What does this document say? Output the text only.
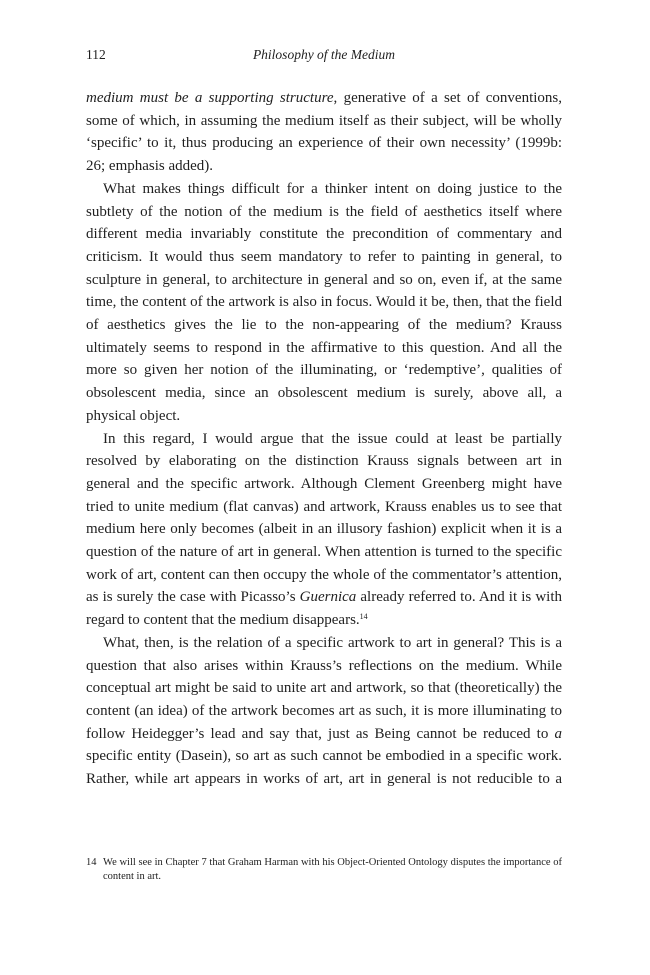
112	Philosophy of the Medium

medium must be a supporting structure, generative of a set of conventions, some of which, in assuming the medium itself as their subject, will be wholly ‘specific’ to it, thus producing an experience of their own necessity’ (1999b: 26; emphasis added).

What makes things difficult for a thinker intent on doing justice to the subtlety of the notion of the medium is the field of aesthetics itself where different media invariably constitute the precondition of commentary and criticism. It would thus seem mandatory to refer to painting in general, to sculpture in general, to architecture in general and so on, even if, at the same time, the content of the artwork is also in focus. Would it be, then, that the field of aesthetics gives the lie to the non-appearing of the medium? Krauss ultimately seems to respond in the affirmative to this question. And all the more so given her notion of the illuminating, or ‘redemptive’, qualities of obsolescent media, since an obsolescent medium is surely, above all, a physical object.

In this regard, I would argue that the issue could at least be partially resolved by elaborating on the distinction Krauss signals between art in general and the specific artwork. Although Clement Greenberg might have tried to unite medium (flat canvas) and artwork, Krauss enables us to see that medium here only becomes (albeit in an illusory fashion) explicit when it is a question of the nature of art in general. When attention is turned to the specific work of art, content can then occupy the whole of the commentator’s attention, as is surely the case with Picasso’s Guernica already referred to. And it is with regard to content that the medium disappears.$^{14}$

What, then, is the relation of a specific artwork to art in general? This is a question that also arises within Krauss’s reflections on the medium. While conceptual art might be said to unite art and artwork, so that (theoretically) the content (an idea) of the artwork becomes art as such, it is more illuminating to follow Heidegger’s lead and say that, just as Being cannot be reduced to a specific entity (Dasein), so art as such cannot be embodied in a specific work. Rather, while art appears in works of art, art in general is not reducible to a

14 We will see in Chapter 7 that Graham Harman with his Object-Oriented Ontology disputes the importance of content in art.
